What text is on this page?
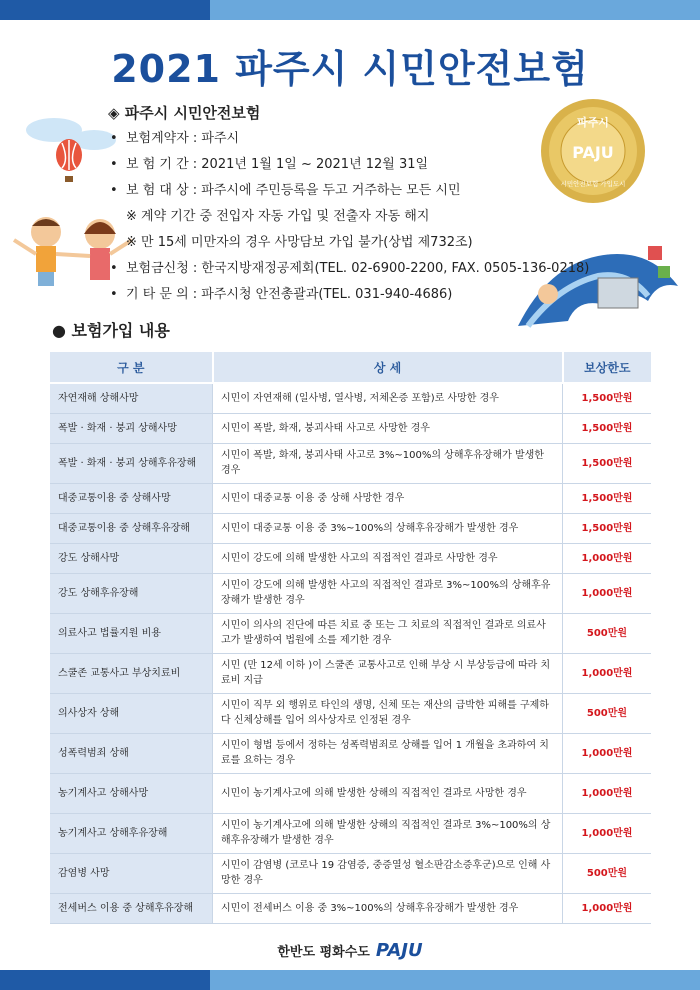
2021 파주시 시민안전보험
파주시
PAJU
시민안전보험 가입도시
◈ 파주시 시민안전보험
• 보험계약자 : 파주시
• 보 험 기 간 : 2021년 1월 1일 ~ 2021년 12월 31일
• 보 험 대 상 : 파주시에 주민등록을 두고 거주하는 모든 시민
※ 계약 기간 중 전입자 자동 가입 및 전출자 자동 해지
※ 만 15세 미만자의 경우 사망담보 가입 불가(상법 제732조)
• 보험금신청 : 한국지방재정공제회(TEL. 02-6900-2200, FAX. 0505-136-0218)
• 기 타 문 의 : 파주시청 안전총괄과(TEL. 031-940-4686)
● 보험가입 내용
구 분	상 세	보상한도
자연재해 상해사망	시민이 자연재해 (일사병, 열사병, 저체온증 포함)로 사망한 경우	1,500만원
폭발 · 화재 · 붕괴 상해사망	시민이 폭발, 화재, 붕괴사태 사고로 사망한 경우	1,500만원
폭발 · 화재 · 붕괴 상해후유장해	시민이 폭발, 화재, 붕괴사태 사고로 3%~100%의 상해후유장해가 발생한 경우	1,500만원
대중교통이용 중 상해사망	시민이 대중교통 이용 중 상해 사망한 경우	1,500만원
대중교통이용 중 상해후유장해	시민이 대중교통 이용 중 3%~100%의 상해후유장해가 발생한 경우	1,500만원
강도 상해사망	시민이 강도에 의해 발생한 사고의 직접적인 결과로 사망한 경우	1,000만원
강도 상해후유장해	시민이 강도에 의해 발생한 사고의 직접적인 결과로 3%~100%의 상해후유장해가 발생한 경우	1,000만원
의료사고 법률지원 비용	시민이 의사의 진단에 따른 치료 중 또는 그 치료의 직접적인 결과로 의료사고가 발생하여 법원에 소를 제기한 경우	500만원
스쿨존 교통사고 부상치료비	시민 (만 12세 이하 )이 스쿨존 교통사고로 인해 부상 시 부상등급에 따라 치료비 지급	1,000만원
의사상자 상해	시민이 직무 외 행위로 타인의 생명, 신체 또는 재산의 급박한 피해를 구제하다 신체상해를 입어 의사상자로 인정된 경우	500만원
성폭력범죄 상해	시민이 형법 등에서 정하는 성폭력범죄로 상해를 입어 1 개월을 초과하여 치료를 요하는 경우	1,000만원
농기계사고 상해사망	시민이 농기계사고에 의해 발생한 상해의 직접적인 결과로 사망한 경우	1,000만원
농기계사고 상해후유장해	시민이 농기계사고에 의해 발생한 상해의 직접적인 결과로 3%~100%의 상해후유장해가 발생한 경우	1,000만원
감염병 사망	시민이 감염병 (코로나 19 감염증, 중증열성 혈소판감소증후군)으로 인해 사망한 경우	500만원
전세버스 이용 중 상해후유장해	시민이 전세버스 이용 중 3%~100%의 상해후유장해가 발생한 경우	1,000만원
한반도 평화수도 PAJU
